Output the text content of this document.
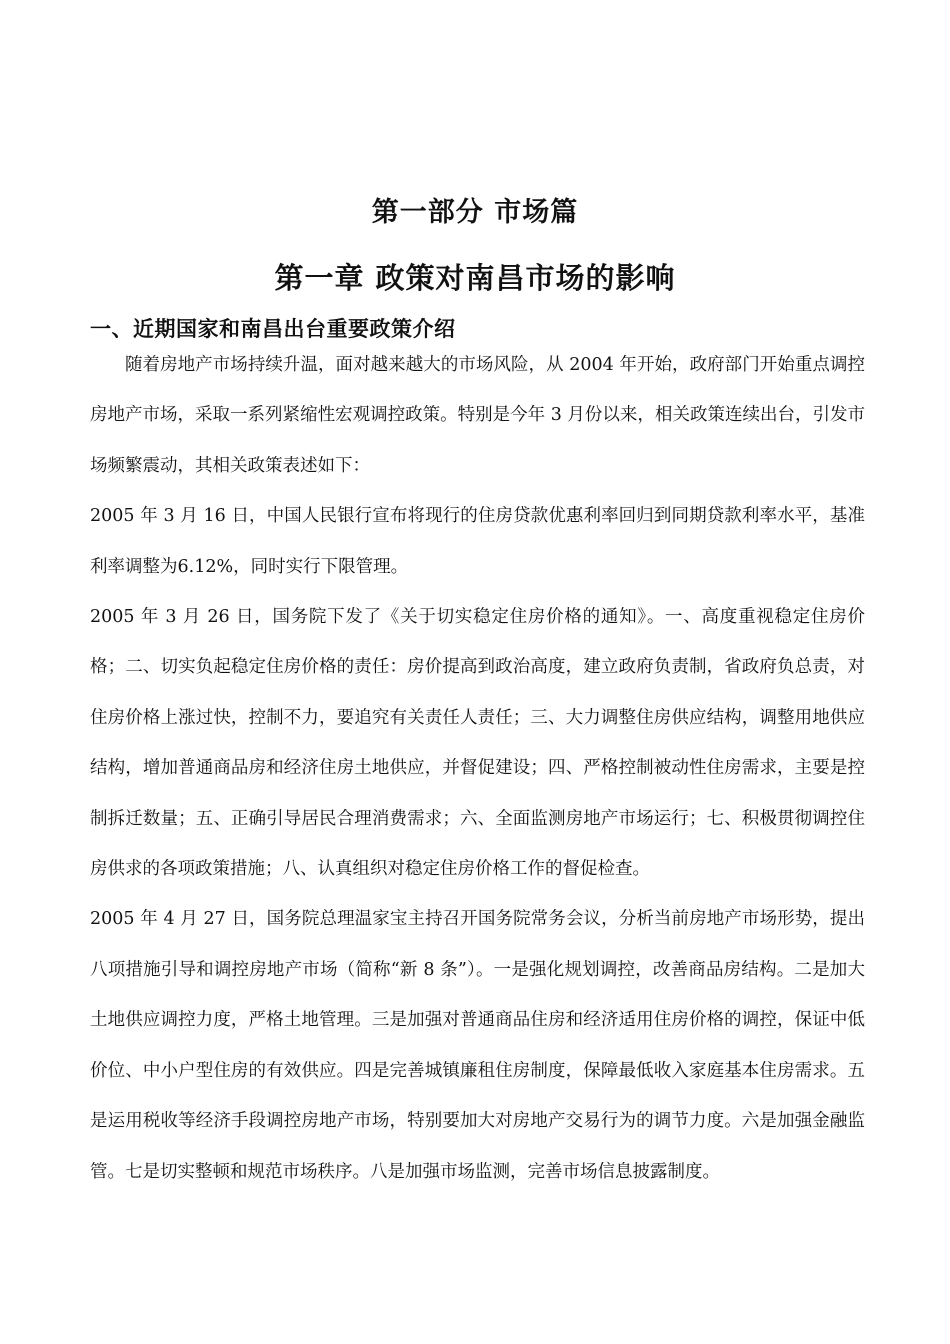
第一部分 市场篇
第一章 政策对南昌市场的影响
一、近期国家和南昌出台重要政策介绍

随着房地产市场持续升温，面对越来越大的市场风险，从 2004 年开始，政府部门开始重点调控房地产市场，采取一系列紧缩性宏观调控政策。特别是今年 3 月份以来，相关政策连续出台，引发市场频繁震动，其相关政策表述如下：

2005 年 3 月 16 日，中国人民银行宣布将现行的住房贷款优惠利率回归到同期贷款利率水平，基准利率调整为6.12%，同时实行下限管理。

2005 年 3 月 26 日，国务院下发了《关于切实稳定住房价格的通知》。一、高度重视稳定住房价格；二、切实负起稳定住房价格的责任：房价提高到政治高度，建立政府负责制，省政府负总责，对住房价格上涨过快，控制不力，要追究有关责任人责任；三、大力调整住房供应结构，调整用地供应结构，增加普通商品房和经济住房土地供应，并督促建设；四、严格控制被动性住房需求，主要是控制拆迁数量；五、正确引导居民合理消费需求；六、全面监测房地产市场运行；七、积极贯彻调控住房供求的各项政策措施；八、认真组织对稳定住房价格工作的督促检查。

2005 年 4 月 27 日，国务院总理温家宝主持召开国务院常务会议，分析当前房地产市场形势，提出八项措施引导和调控房地产市场（简称“新 8 条”）。一是强化规划调控，改善商品房结构。二是加大土地供应调控力度，严格土地管理。三是加强对普通商品住房和经济适用住房价格的调控，保证中低价位、中小户型住房的有效供应。四是完善城镇廉租住房制度，保障最低收入家庭基本住房需求。五是运用税收等经济手段调控房地产市场，特别要加大对房地产交易行为的调节力度。六是加强金融监管。七是切实整顿和规范市场秩序。八是加强市场监测，完善市场信息披露制度。
